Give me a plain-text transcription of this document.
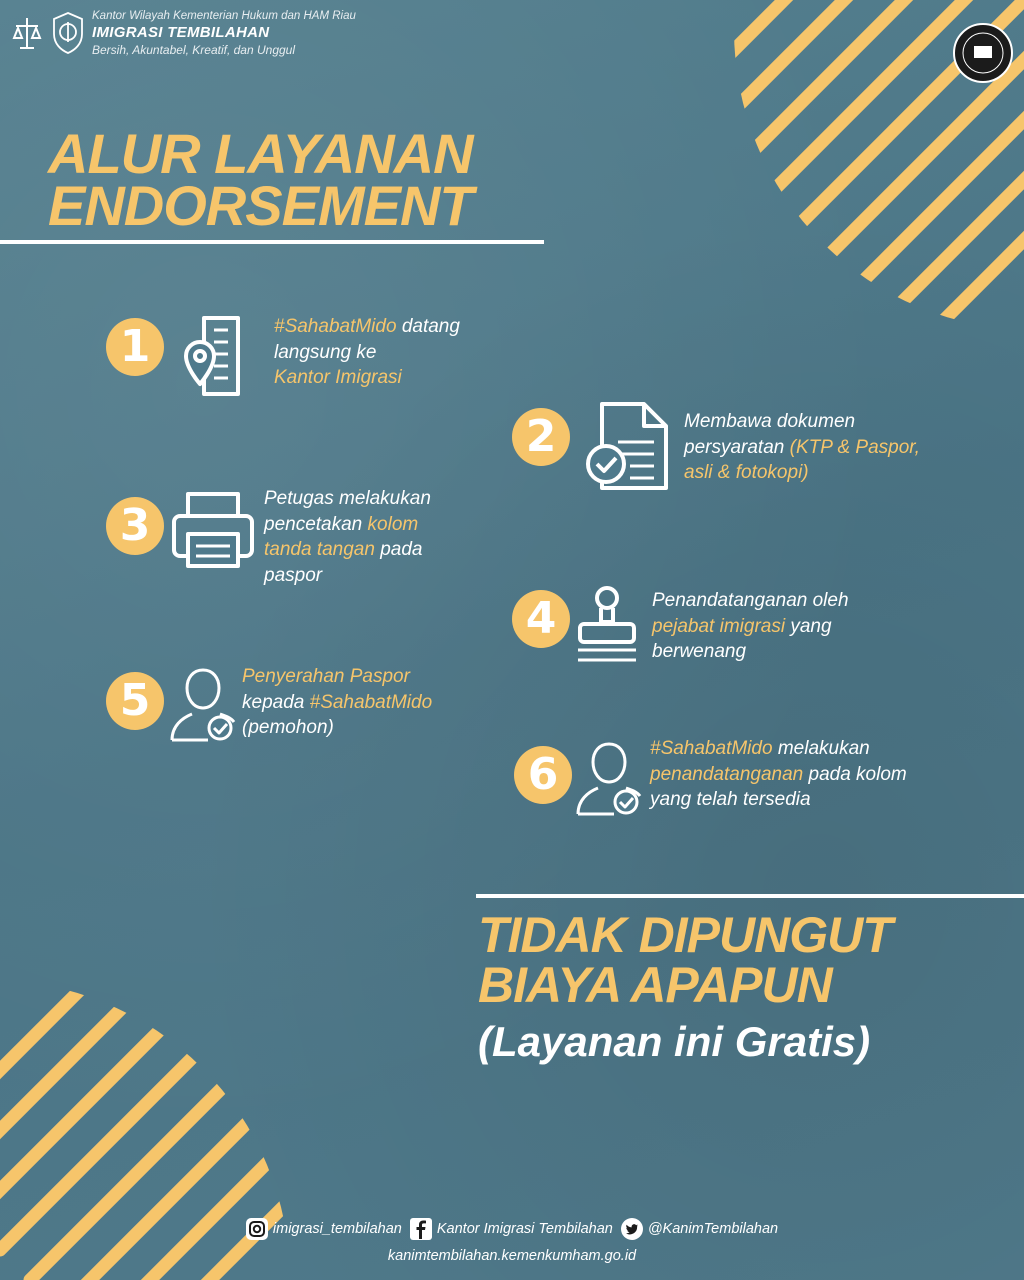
Kantor Wilayah Kementerian Hukum dan HAM Riau
IMIGRASI TEMBILAHAN
Bersih, Akuntabel, Kreatif, dan Unggul
ALUR LAYANAN
ENDORSEMENT
1	#SahabatMido datang
langsung ke
Kantor Imigrasi
2	Membawa dokumen
persyaratan (KTP & Paspor,
asli & fotokopi)
3
Petugas melakukan
pencetakan kolom
tanda tangan pada
paspor
4	Penandatanganan oleh
pejabat imigrasi yang
berwenang
5	Penyerahan Paspor
kepada #SahabatMido
(pemohon)
6
#SahabatMido melakukan
penandatanganan pada kolom
yang telah tersedia
TIDAK DIPUNGUT
BIAYA APAPUN
(Layanan ini Gratis)
imigrasi_tembilahan Kantor Imigrasi Tembilahan @KanimTembilahan
kanimtembilahan.kemenkumham.go.id
